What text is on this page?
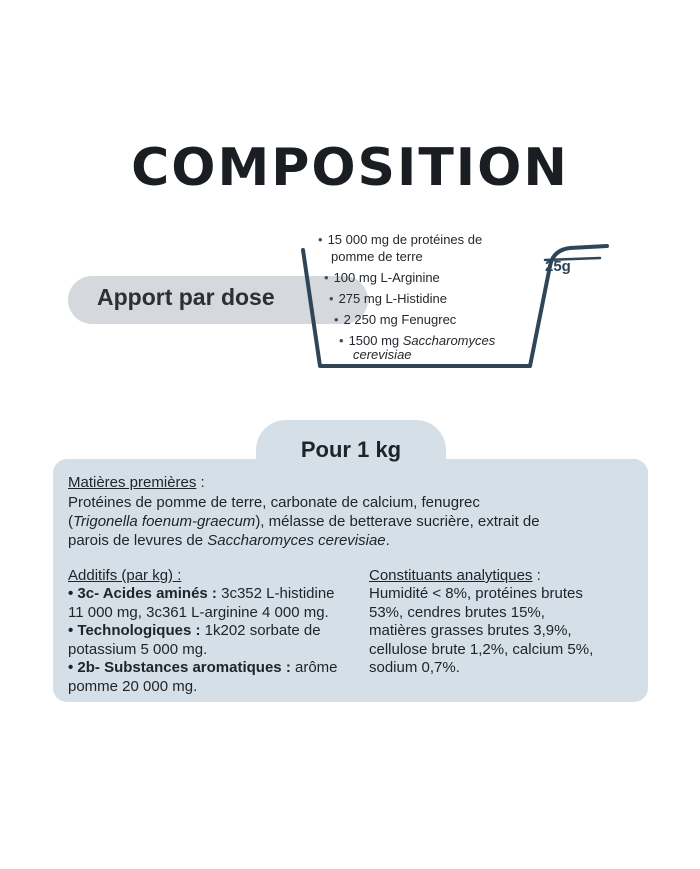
COMPOSITION
Apport par dose
25g
• 15 000 mg de protéines de
pomme de terre
• 100 mg L-Arginine
• 275 mg L-Histidine
• 2 250 mg Fenugrec
• 1500 mg Saccharomyces
cerevisiae
Pour 1 kg
Matières premières :
Protéines de pomme de terre, carbonate de calcium, fenugrec
(Trigonella foenum-graecum), mélasse de betterave sucrière, extrait de
parois de levures de Saccharomyces cerevisiae.
Additifs (par kg) :
• 3c- Acides aminés : 3c352 L-histidine
11 000 mg, 3c361 L-arginine 4 000 mg.
• Technologiques : 1k202 sorbate de
potassium 5 000 mg.
• 2b- Substances aromatiques : arôme
pomme 20 000 mg.
Constituants analytiques :
Humidité < 8%, protéines brutes
53%, cendres brutes 15%,
matières grasses brutes 3,9%,
cellulose brute 1,2%, calcium 5%,
sodium 0,7%.
